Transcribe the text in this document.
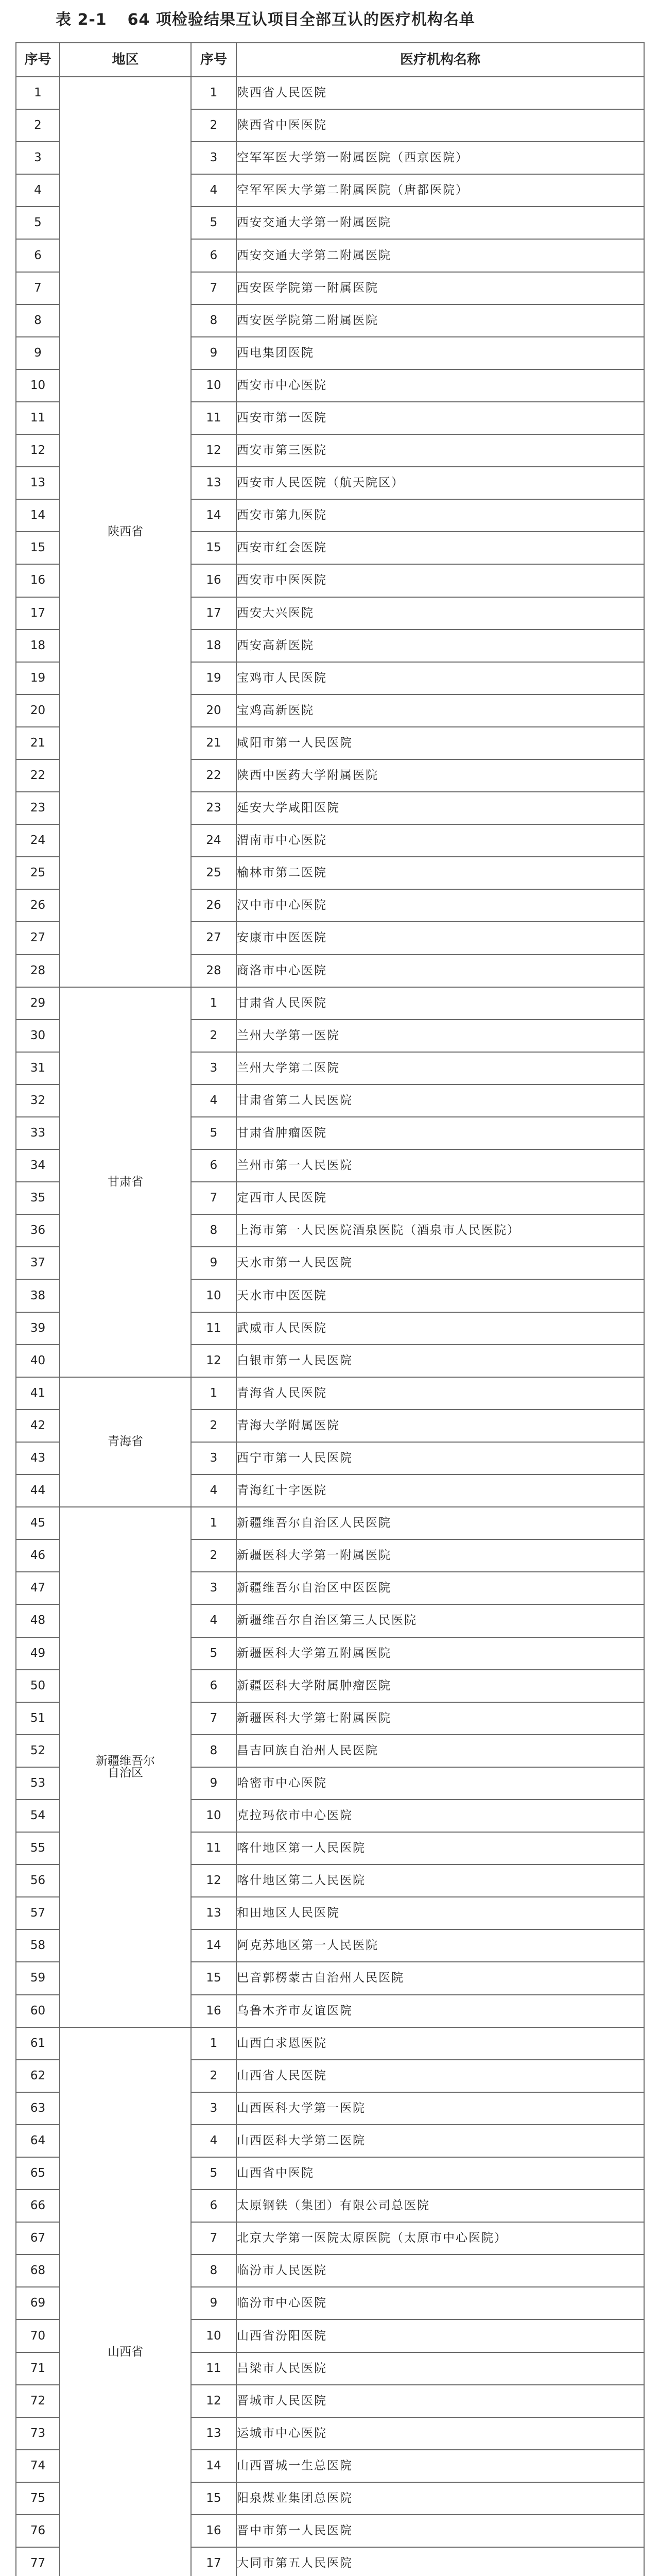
表 2-1 64 项检验结果互认项目全部互认的医疗机构名单
序号	地区	序号	医疗机构名称
1	陕西省	1	陕西省人民医院
2		2	陕西省中医医院
3		3	空军军医大学第一附属医院（西京医院）
4		4	空军军医大学第二附属医院（唐都医院）
5		5	西安交通大学第一附属医院
6		6	西安交通大学第二附属医院
7		7	西安医学院第一附属医院
8		8	西安医学院第二附属医院
9		9	西电集团医院
10		10	西安市中心医院
11		11	西安市第一医院
12		12	西安市第三医院
13		13	西安市人民医院（航天院区）
14		14	西安市第九医院
15		15	西安市红会医院
16		16	西安市中医医院
17		17	西安大兴医院
18		18	西安高新医院
19		19	宝鸡市人民医院
20		20	宝鸡高新医院
21		21	咸阳市第一人民医院
22		22	陕西中医药大学附属医院
23		23	延安大学咸阳医院
24		24	渭南市中心医院
25		25	榆林市第二医院
26		26	汉中市中心医院
27		27	安康市中医医院
28		28	商洛市中心医院
29	甘肃省	1	甘肃省人民医院
30		2	兰州大学第一医院
31		3	兰州大学第二医院
32		4	甘肃省第二人民医院
33		5	甘肃省肿瘤医院
34		6	兰州市第一人民医院
35		7	定西市人民医院
36		8	上海市第一人民医院酒泉医院（酒泉市人民医院）
37		9	天水市第一人民医院
38		10	天水市中医医院
39		11	武威市人民医院
40		12	白银市第一人民医院
41	青海省	1	青海省人民医院
42		2	青海大学附属医院
43		3	西宁市第一人民医院
44		4	青海红十字医院
45	新疆维吾尔
自治区	1	新疆维吾尔自治区人民医院
46		2	新疆医科大学第一附属医院
47		3	新疆维吾尔自治区中医医院
48		4	新疆维吾尔自治区第三人民医院
49		5	新疆医科大学第五附属医院
50		6	新疆医科大学附属肿瘤医院
51		7	新疆医科大学第七附属医院
52		8	昌吉回族自治州人民医院
53		9	哈密市中心医院
54		10	克拉玛依市中心医院
55		11	喀什地区第一人民医院
56		12	喀什地区第二人民医院
57		13	和田地区人民医院
58		14	阿克苏地区第一人民医院
59		15	巴音郭楞蒙古自治州人民医院
60		16	乌鲁木齐市友谊医院
61	山西省	1	山西白求恩医院
62		2	山西省人民医院
63		3	山西医科大学第一医院
64		4	山西医科大学第二医院
65		5	山西省中医院
66		6	太原钢铁（集团）有限公司总医院
67		7	北京大学第一医院太原医院（太原市中心医院）
68		8	临汾市人民医院
69		9	临汾市中心医院
70		10	山西省汾阳医院
71		11	吕梁市人民医院
72		12	晋城市人民医院
73		13	运城市中心医院
74		14	山西晋城一生总医院
75		15	阳泉煤业集团总医院
76		16	晋中市第一人民医院
77		17	大同市第五人民医院
